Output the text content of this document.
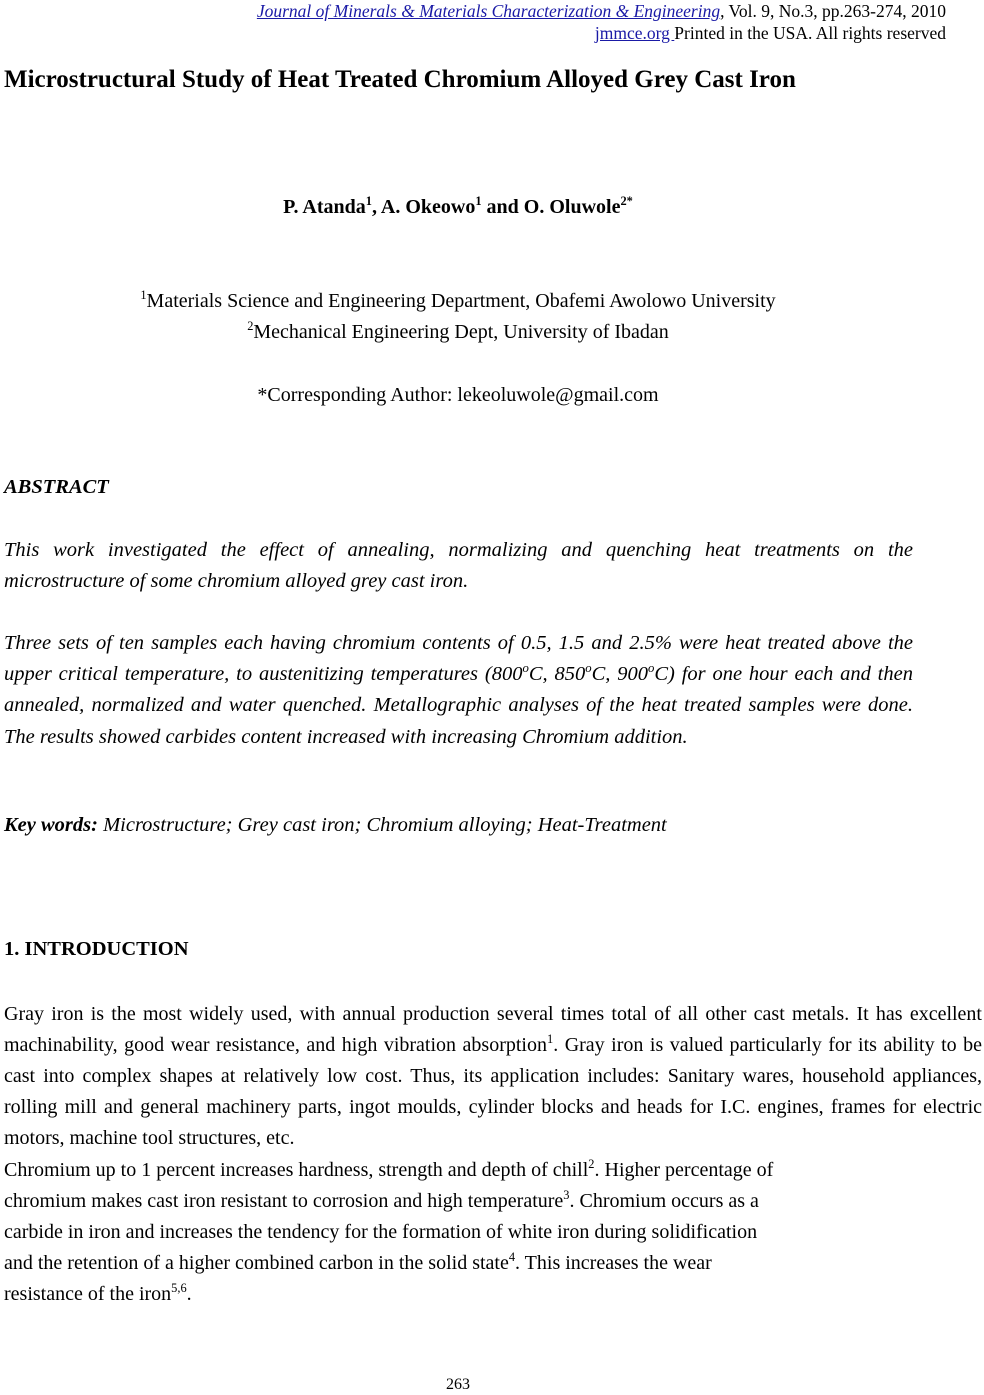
Journal of Minerals & Materials Characterization & Engineering, Vol. 9, No.3, pp.263-274, 2010
jmmce.org Printed in the USA. All rights reserved
Microstructural Study of Heat Treated Chromium Alloyed Grey Cast Iron
P. Atanda$^1$, A. Okeowo$^1$ and O. Oluwole$^{2*}$
$^1$Materials Science and Engineering Department, Obafemi Awolowo University
$^2$Mechanical Engineering Dept, University of Ibadan
*Corresponding Author: lekeoluwole@gmail.com
ABSTRACT
This work investigated the effect of annealing, normalizing and quenching heat treatments on the microstructure of some chromium alloyed grey cast iron.
Three sets of ten samples each having chromium contents of 0.5, 1.5 and 2.5% were heat treated above the upper critical temperature, to austenitizing temperatures (800$^o$C, 850$^o$C, 900$^o$C) for one hour each and then annealed, normalized and water quenched. Metallographic analyses of the heat treated samples were done. The results showed carbides content increased with increasing Chromium addition.
Key words: Microstructure; Grey cast iron; Chromium alloying; Heat-Treatment
1. INTRODUCTION
Gray iron is the most widely used, with annual production several times total of all other cast metals. It has excellent machinability, good wear resistance, and high vibration absorption$^1$. Gray iron is valued particularly for its ability to be cast into complex shapes at relatively low cost. Thus, its application includes: Sanitary wares, household appliances, rolling mill and general machinery parts, ingot moulds, cylinder blocks and heads for I.C. engines, frames for electric motors, machine tool structures, etc.
Chromium up to 1 percent increases hardness, strength and depth of chill$^2$. Higher percentage of
chromium makes cast iron resistant to corrosion and high temperature$^3$. Chromium occurs as a
carbide in iron and increases the tendency for the formation of white iron during solidification
and the retention of a higher combined carbon in the solid state$^4$. This increases the wear
resistance of the iron$^{5,6}$.
263
